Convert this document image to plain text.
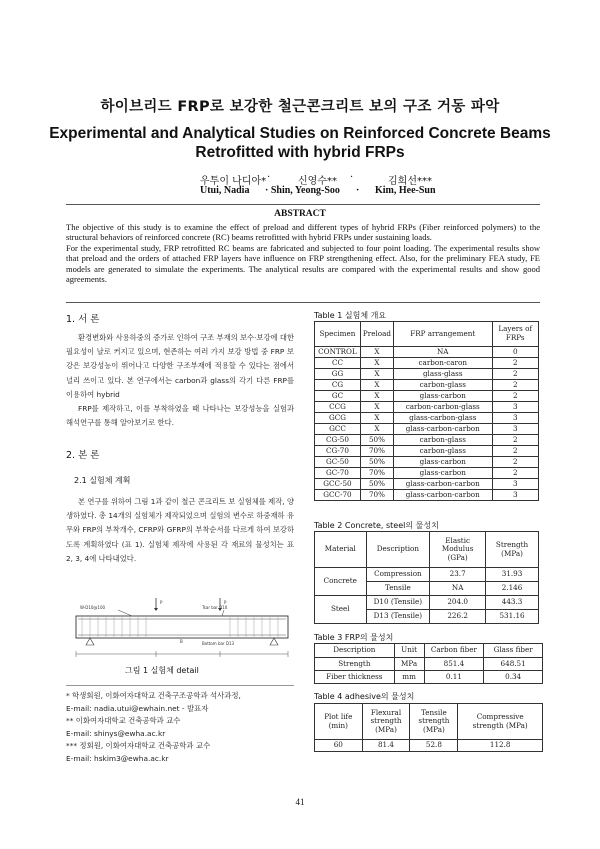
하이브리드 FRP로 보강한 철근콘크리트 보의 구조 거동 파악
Experimental and Analytical Studies on Reinforced Concrete Beams
Retrofitted with hybrid FRPs
우투이 나디아* ·	신영수** ·	김희선***
Utui, Nadia · Shin, Yeong-Soo · Kim, Hee-Sun
ABSTRACT

The objective of this study is to examine the effect of preload and different types of hybrid FRPs (Fiber reinforced polymers) to the structural behaviors of reinforced concrete (RC) beams retrofitted with hybrid FRPs under sustaining loads.

For the experimental study, FRP retrofitted RC beams are fabricated and subjected to four point loading. The experimental results show that preload and the orders of attached FRP layers have influence on FRP strengthening effect. Also, for the preliminary FEA study, FE models are generated to simulate the experiments. The analytical results are compared with the experimental results and show good agreements.

1. 서 론

환경변화와 사용하중의 증가로 인하여 구조 부재의 보수·보강에 대한 필요성이 날로 커지고 있으며, 현존하는 여러 가지 보강 방법 중 FRP 보강은 보강성능이 뛰어나고 다양한 구조부재에 적용할 수 있다는 점에서 널리 쓰이고 있다. 본 연구에서는 carbon과 glass의 각기 다른 FRP를 이용하여 hybrid

FRP를 제작하고, 이를 부착하였을 때 나타나는 보강성능을 실험과 해석연구를 통해 알아보기로 한다.

2. 본 론
2.1 실험체 계획

본 연구를 위하여 그림 1과 같이 철근 콘크리트 보 실험체를 제작, 양생하였다. 총 14개의 실험체가 제작되었으며 실험의 변수로 하중재하 유무와 FRP의 부착개수, CFRP와 GFRP의 부착순서를 다르게 하여 보강하도록 계획하였다 (표 1). 실험체 제작에 사용된 각 재료의 물성치는 표 2, 3, 4에 나타내었다.

P	P
W-D10@100	Tsar bar D10
B	Bottom bar D13
그림 1 실험체 detail
* 학생회원, 이화여자대학교 건축구조공학과 석사과정,
E-mail: nadia.utui@ewhain.net - 발표자
** 이화여자대학교 건축공학과 교수
E-mail: shinys@ewha.ac.kr
*** 정회원, 이화여자대학교 건축공학과 교수
E-mail: hskim3@ewha.ac.kr
Table 1 실험체 개요
Specimen	Preload	FRP arrangement	Layers of FRPs
CONTROL	X	NA	0
CC	X	carbon-caron	2
GG	X	glass-glass	2
CG	X	carbon-glass	2
GC	X	glass-carbon	2
CCG	X	carbon-carbon-glass	3
GCG	X	glass-carbon-glass	3
GCC	X	glass-carbon-carbon	3
CG-50	50%	carbon-glass	2
CG-70	70%	carbon-glass	2
GC-50	50%	glass-carbon	2
GC-70	70%	glass-carbon	2
GCC-50	50%	glass-carbon-carbon	3
GCC-70	70%	glass-carbon-carbon	3
Table 2 Concrete, steel의 물성치
Material	Description	Elastic Modulus (GPa)	Strength (MPa)
Concrete	Compression	23.7	31.93
	Tensile	NA	2.146
Steel	D10 (Tensile)	204.0	443.3
	D13 (Tensile)	226.2	531.16
Table 3 FRP의 물성치
Description	Unit	Carbon fiber	Glass fiber
Strength	MPa	851.4	648.51
Fiber thickness	mm	0.11	0.34
Table 4 adhesive의 물성치
Plot life (min)	Flexural strength (MPa)	Tensile strength (MPa)	Compressive strength (MPa)
60	81.4	52.8	112.8
41
